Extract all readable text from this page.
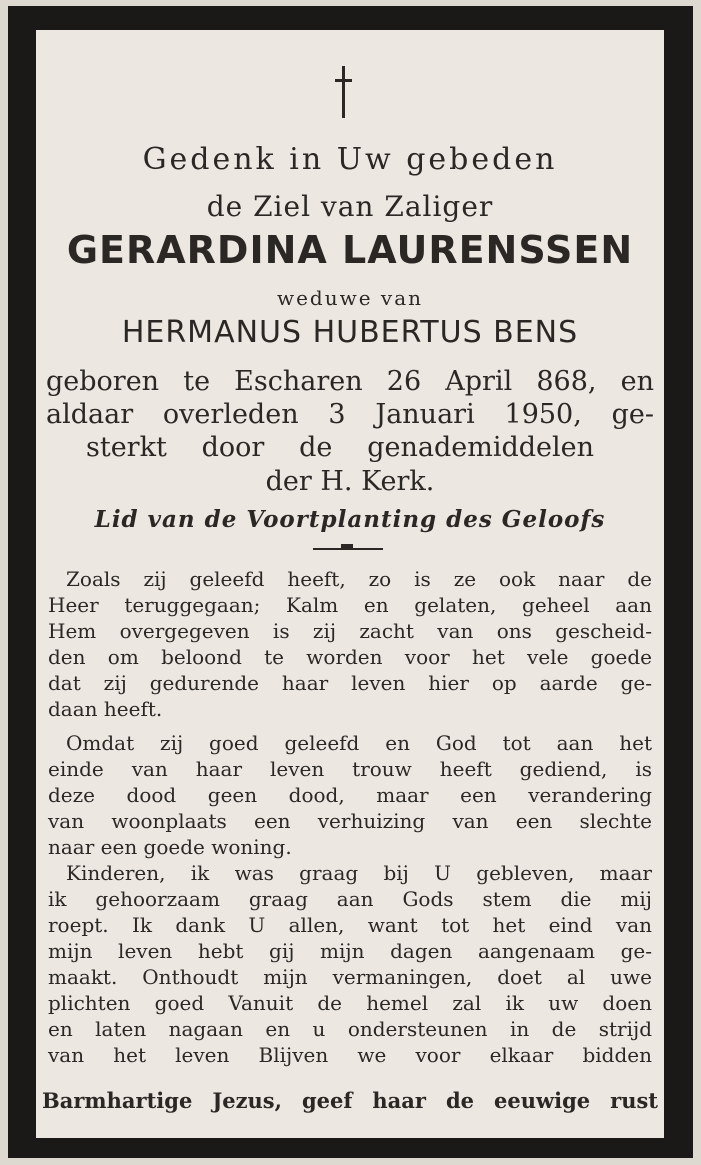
Gedenk in Uw gebeden
de Ziel van Zaliger
GERARDINA LAURENSSEN
weduwe van
HERMANUS HUBERTUS BENS
geboren te Escharen 26 April 868, en
aldaar overleden 3 Januari 1950, ge-
sterkt door de genademiddelen
der H. Kerk.
Lid van de Voortplanting des Geloofs
Zoals zij geleefd heeft, zo is ze ook naar de
Heer teruggegaan; Kalm en gelaten, geheel aan
Hem overgegeven is zij zacht van ons gescheid-
den om beloond te worden voor het vele goede
dat zij gedurende haar leven hier op aarde ge-
daan heeft.
Omdat zij goed geleefd en God tot aan het
einde van haar leven trouw heeft gediend, is
deze dood geen dood, maar een verandering
van woonplaats een verhuizing van een slechte
naar een goede woning.
Kinderen, ik was graag bij U gebleven, maar
ik gehoorzaam graag aan Gods stem die mij
roept. Ik dank U allen, want tot het eind van
mijn leven hebt gij mijn dagen aangenaam ge-
maakt. Onthoudt mijn vermaningen, doet al uwe
plichten goed Vanuit de hemel zal ik uw doen
en laten nagaan en u ondersteunen in de strijd
van het leven Blijven we voor elkaar bidden
Barmhartige Jezus, geef haar de eeuwige rust
